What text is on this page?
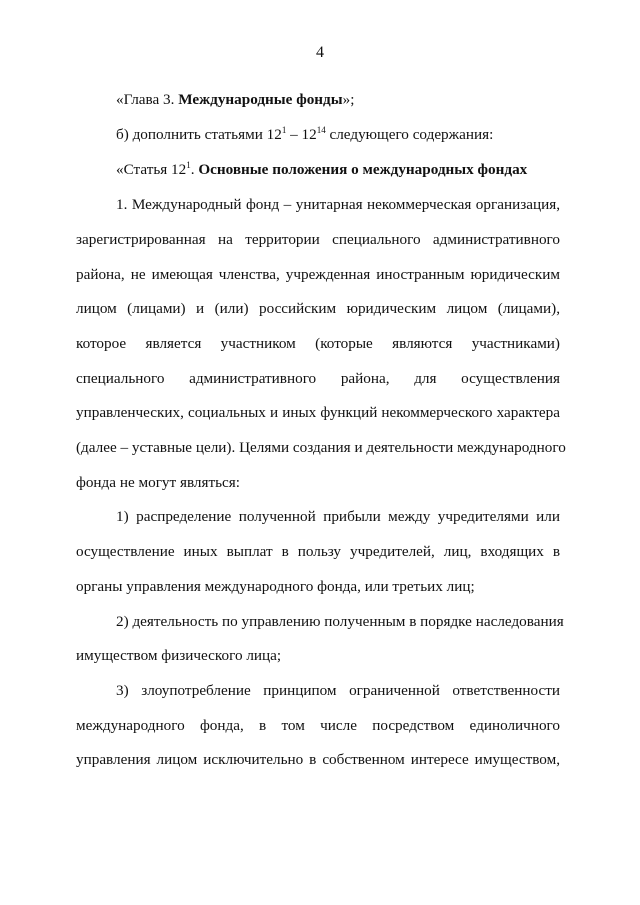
4
«Глава 3. Международные фонды»;
б) дополнить статьями $12^1 - 12^{14}$ следующего содержания:
«Статья $12^1$. Основные положения о международных фондах
1. Международный фонд – унитарная некоммерческая организация,
зарегистрированная на территории специального административного
района, не имеющая членства, учрежденная иностранным юридическим
лицом (лицами) и (или) российским юридическим лицом (лицами),
которое является участником (которые являются участниками)
специального административного района, для осуществления
управленческих, социальных и иных функций некоммерческого характера
(далее – уставные цели). Целями создания и деятельности международного
фонда не могут являться:
1) распределение полученной прибыли между учредителями или
осуществление иных выплат в пользу учредителей, лиц, входящих в
органы управления международного фонда, или третьих лиц;
2) деятельность по управлению полученным в порядке наследования
имуществом физического лица;
3) злоупотребление принципом ограниченной ответственности
международного фонда, в том числе посредством единоличного
управления лицом исключительно в собственном интересе имуществом,
